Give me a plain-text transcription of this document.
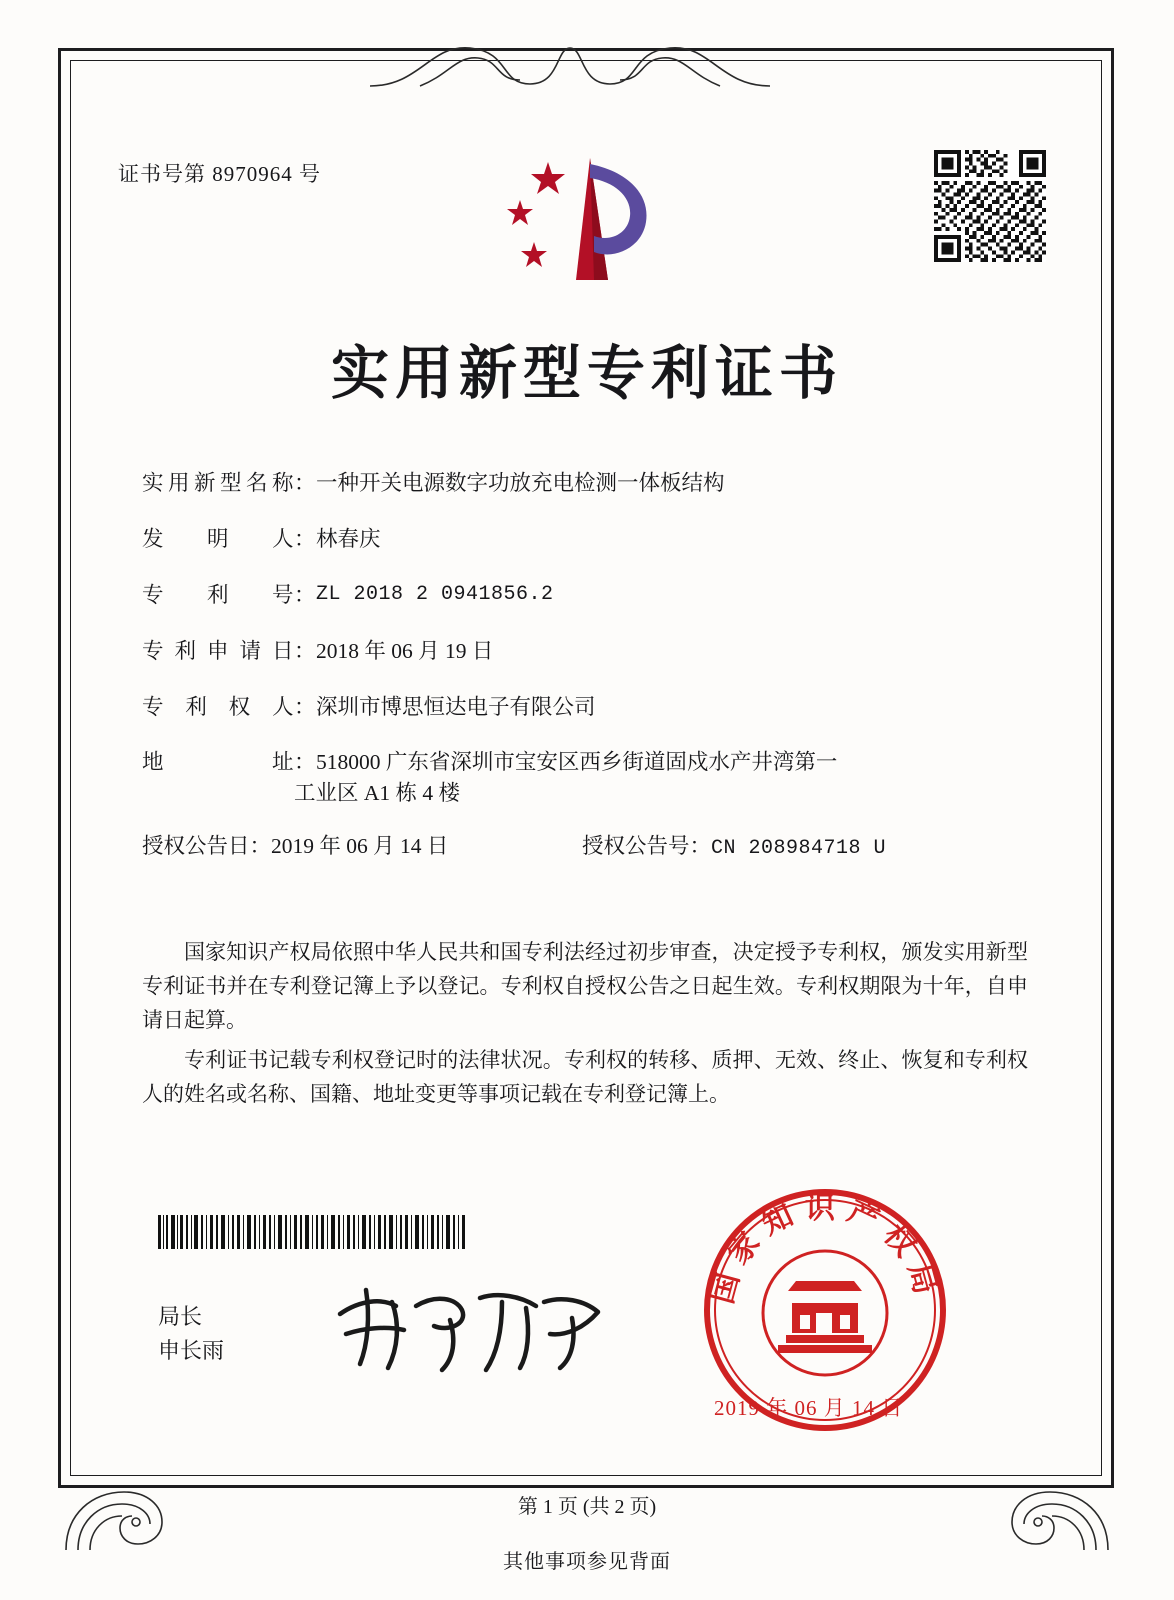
证书号第 8970964 号
实用新型专利证书
实用新型名称： 一种开关电源数字功放充电检测一体板结构
发明人： 林春庆
专利号： ZL 2018 2 0941856.2
专利申请日： 2018 年 06 月 19 日
专利权人： 深圳市博思恒达电子有限公司
地址： 518000 广东省深圳市宝安区西乡街道固戍水产井湾第一
工业区 A1 栋 4 楼
授权公告日：2019 年 06 月 14 日	授权公告号：CN 208984718 U

国家知识产权局依照中华人民共和国专利法经过初步审查，决定授予专利权，颁发实用新型专利证书并在专利登记簿上予以登记。专利权自授权公告之日起生效。专利权期限为十年，自申请日起算。

专利证书记载专利权登记时的法律状况。专利权的转移、质押、无效、终止、恢复和专利权人的姓名或名称、国籍、地址变更等事项记载在专利登记簿上。

局长
申长雨
国家知识产权局
2019 年 06 月 14 日
第 1 页 (共 2 页)
其他事项参见背面
